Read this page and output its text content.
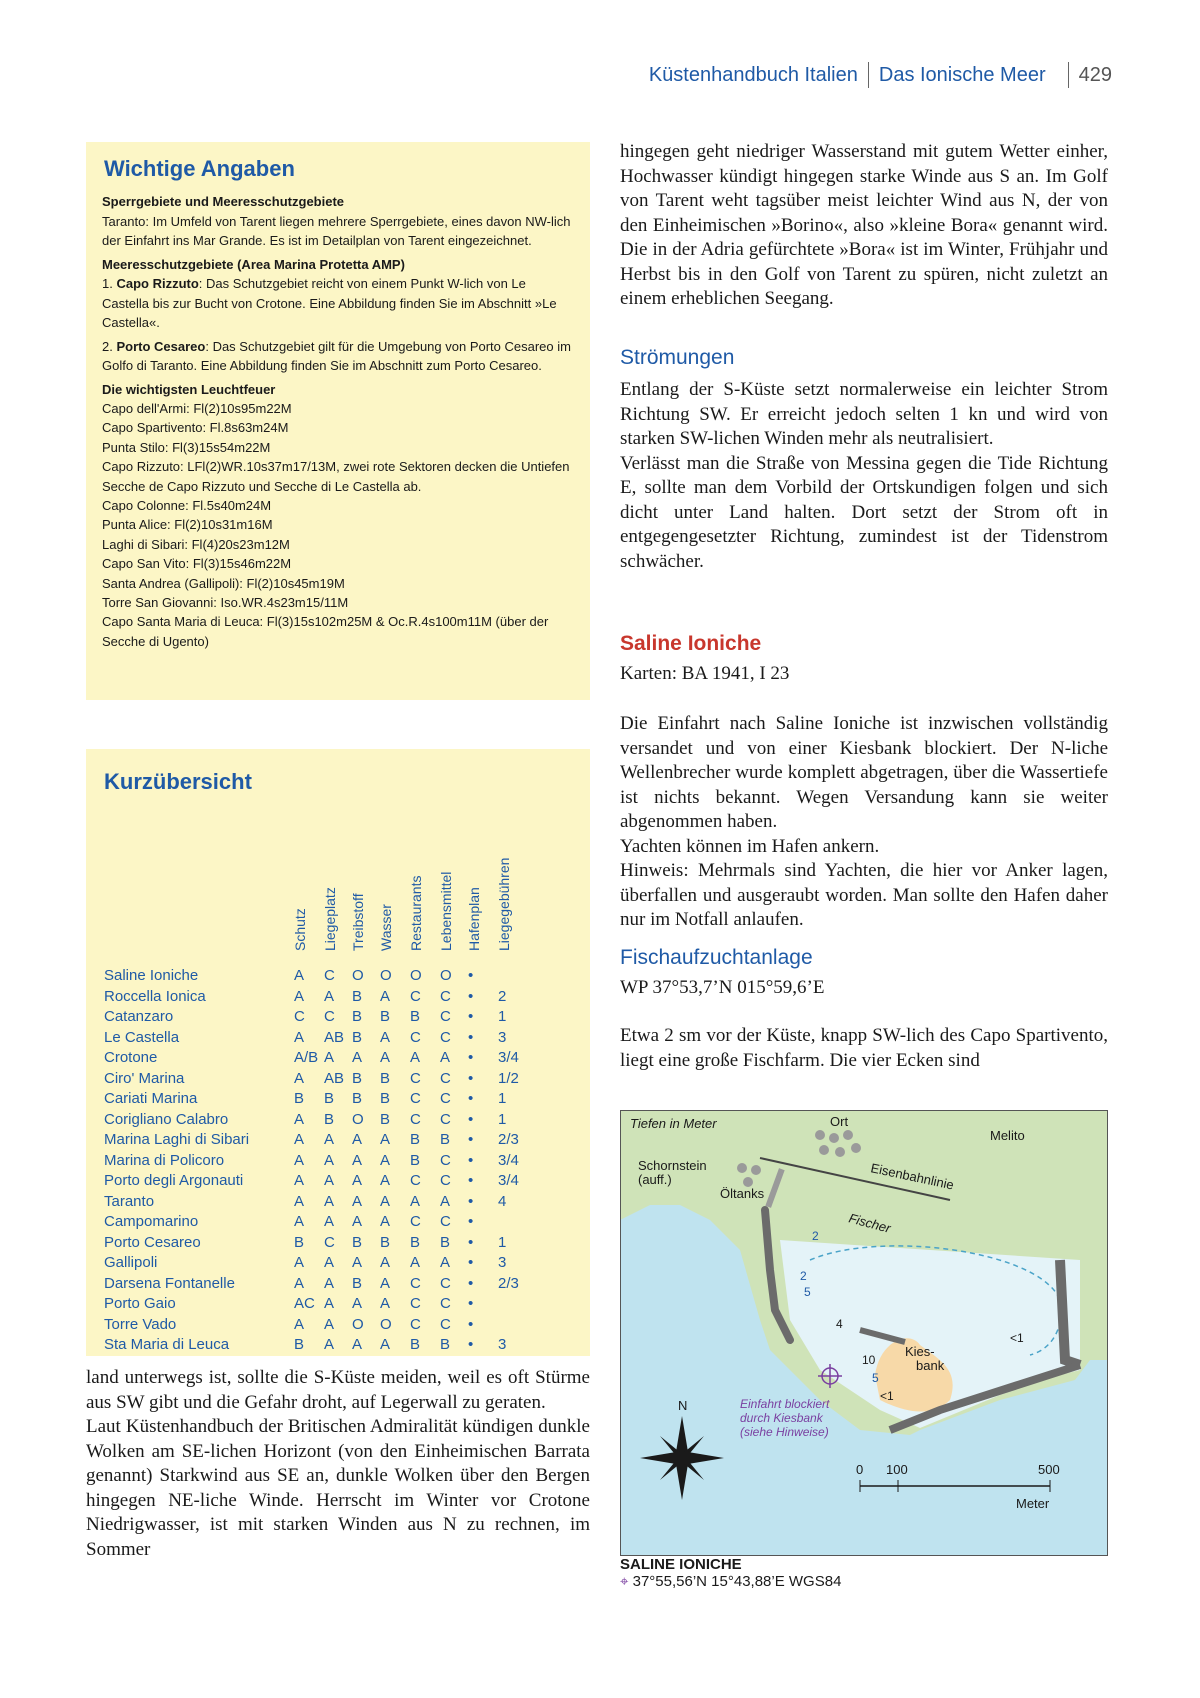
Küstenhandbuch Italien Das Ionische Meer 429
Wichtige Angaben
Sperrgebiete und Meeresschutzgebiete

Taranto: Im Umfeld von Tarent liegen mehrere Sperrgebiete, eines davon NW-lich der Einfahrt ins Mar Grande. Es ist im Detailplan von Tarent eingezeichnet.

Meeresschutzgebiete (Area Marina Protetta AMP)

1. Capo Rizzuto: Das Schutzgebiet reicht von einem Punkt W-lich von Le Castella bis zur Bucht von Crotone. Eine Abbildung finden Sie im Abschnitt »Le Castella«.

2. Porto Cesareo: Das Schutzgebiet gilt für die Umgebung von Porto Cesareo im Golfo di Taranto. Eine Abbildung finden Sie im Abschnitt zum Porto Cesareo.

Die wichtigsten Leuchtfeuer
Capo dell'Armi: Fl(2)10s95m22M
Capo Spartivento: Fl.8s63m24M
Punta Stilo: Fl(3)15s54m22M
Capo Rizzuto: LFl(2)WR.10s37m17/13M, zwei rote Sektoren decken die Untiefen Secche de Capo Rizzuto und Secche di Le Castella ab.
Capo Colonne: Fl.5s40m24M
Punta Alice: Fl(2)10s31m16M
Laghi di Sibari: Fl(4)20s23m12M
Capo San Vito: Fl(3)15s46m22M
Santa Andrea (Gallipoli): Fl(2)10s45m19M
Torre San Giovanni: Iso.WR.4s23m15/11M
Capo Santa Maria di Leuca: Fl(3)15s102m25M & Oc.R.4s100m11M (über der Secche di Ugento)
Kurzübersicht
Schutz Liegeplatz Treibstoff Wasser Restaurants Lebensmittel Hafenplan Liegegebühren
Saline Ioniche	A C O O O O •
Roccella Ionica	A A B A C C • 2
Catanzaro	C C B B B C • 1
Le Castella	A AB B A C C • 3
Crotone	A/B A A A A A • 3/4
Ciro' Marina	A AB B B C C • 1/2
Cariati Marina	B B B B C C • 1
Corigliano Calabro	A B O B C C • 1
Marina Laghi di Sibari	A A A A B B • 2/3
Marina di Policoro	A A A A B C • 3/4
Porto degli Argonauti	A A A A C C • 3/4
Taranto	A A A A A A • 4
Campomarino	A A A A C C •
Porto Cesareo	B C B B B B • 1
Gallipoli	A A A A A A • 3
Darsena Fontanelle	A A B A C C • 2/3
Porto Gaio	AC A A A C C •
Torre Vado	A A O O C C •
Sta Maria di Leuca	B A A A B B • 3
land unterwegs ist, sollte die S-Küste meiden, weil es oft Stürme aus SW gibt und die Gefahr droht, auf Legerwall zu geraten.
Laut Küstenhandbuch der Britischen Admiralität kündigen dunkle Wolken am SE-lichen Horizont (von den Einheimischen Barrata genannt) Starkwind aus SE an, dunkle Wolken über den Bergen hingegen NE-liche Winde. Herrscht im Winter vor Crotone Niedrigwasser, ist mit starken Winden aus N zu rechnen, im Sommer
hingegen geht niedriger Wasserstand mit gutem Wetter einher, Hochwasser kündigt hingegen starke Winde aus S an. Im Golf von Tarent weht tagsüber meist leichter Wind aus N, der von den Einheimischen »Borino«, also »kleine Bora« genannt wird. Die in der Adria gefürchtete »Bora« ist im Winter, Frühjahr und Herbst bis in den Golf von Tarent zu spüren, nicht zuletzt an einem erheblichen Seegang.
Strömungen
Entlang der S-Küste setzt normalerweise ein leichter Strom Richtung SW. Er erreicht jedoch selten 1 kn und wird von starken SW-lichen Winden mehr als neutralisiert.
Verlässt man die Straße von Messina gegen die Tide Richtung E, sollte man dem Vorbild der Ortskundigen folgen und sich dicht unter Land halten. Dort setzt der Strom oft in entgegengesetzter Richtung, zumindest ist der Tidenstrom schwächer.
Saline Ioniche
Karten: BA 1941, I 23
Die Einfahrt nach Saline Ioniche ist inzwischen vollständig versandet und von einer Kiesbank blockiert. Der N-liche Wellenbrecher wurde komplett abgetragen, über die Wassertiefe ist nichts bekannt. Wegen Versandung kann sie weiter abgenommen haben.
Yachten können im Hafen ankern.
Hinweis: Mehrmals sind Yachten, die hier vor Anker lagen, überfallen und ausgeraubt worden. Man sollte den Hafen daher nur im Notfall anlaufen.
Fischaufzuchtanlage
WP 37°53,7’N 015°59,6’E
Etwa 2 sm vor der Küste, knapp SW-lich des Capo Spartivento, liegt eine große Fischfarm. Die vier Ecken sind
Tiefen in Meter	Ort
Melito
Schornstein
(auff.)
Öltanks
Eisenbahnlinie
Fischer
2
2
5
4
10
5
<1
<1
Kies-
bank
N	Einfahrt blockiert
durch Kiesbank
(siehe Hinweise)
0 100	500
Meter
SALINE IONICHE
⌖ 37°55,56’N 15°43,88’E WGS84
